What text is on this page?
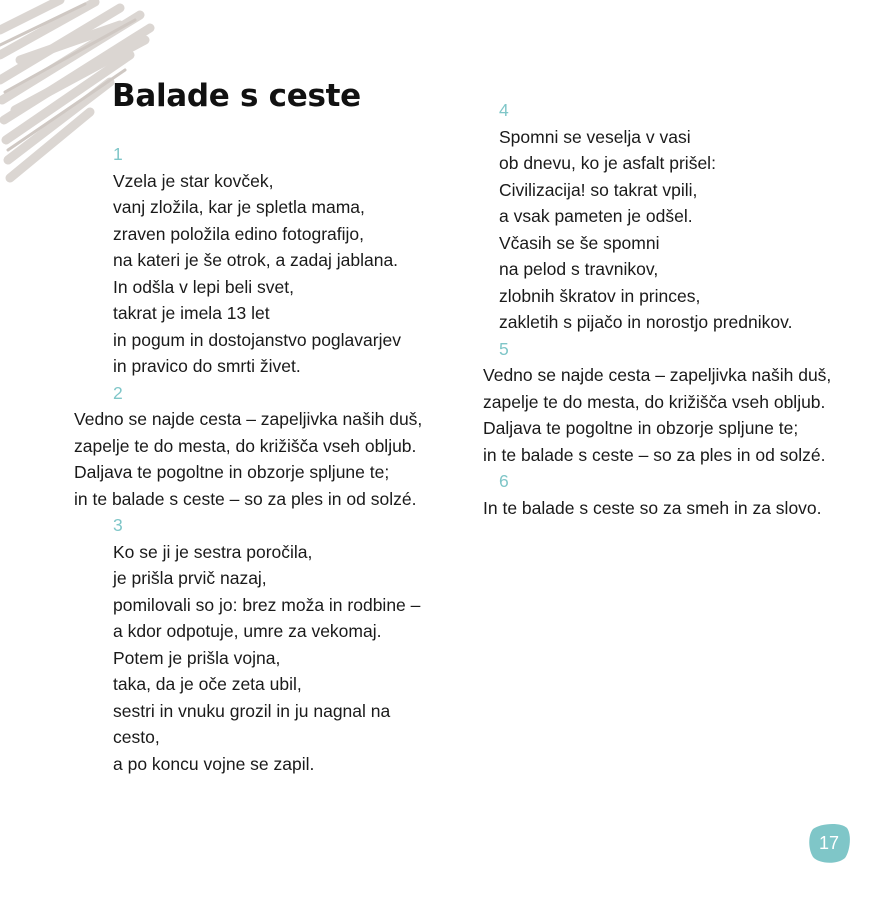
Balade s ceste
1
Vzela je star kovček,
vanj zložila, kar je spletla mama,
zraven položila edino fotografijo,
na kateri je še otrok, a zadaj jablana.
In odšla v lepi beli svet,
takrat je imela 13 let
in pogum in dostojanstvo poglavarjev
in pravico do smrti živet.
2
Vedno se najde cesta – zapeljivka naših duš,
zapelje te do mesta, do križišča vseh obljub.
Daljava te pogoltne in obzorje spljune te;
in te balade s ceste – so za ples in od solzé.
3
Ko se ji je sestra poročila,
je prišla prvič nazaj,
pomilovali so jo: brez moža in rodbine –
a kdor odpotuje, umre za vekomaj.
Potem je prišla vojna,
taka, da je oče zeta ubil,
sestri in vnuku grozil in ju nagnal na
cesto,
a po koncu vojne se zapil.
4
Spomni se veselja v vasi
ob dnevu, ko je asfalt prišel:
Civilizacija! so takrat vpili,
a vsak pameten je odšel.
Včasih se še spomni
na pelod s travnikov,
zlobnih škratov in princes,
zakletih s pijačo in norostjo prednikov.
5
Vedno se najde cesta – zapeljivka naših duš,
zapelje te do mesta, do križišča vseh obljub.
Daljava te pogoltne in obzorje spljune te;
in te balade s ceste – so za ples in od solzé.
6
In te balade s ceste so za smeh in za slovo.
17
